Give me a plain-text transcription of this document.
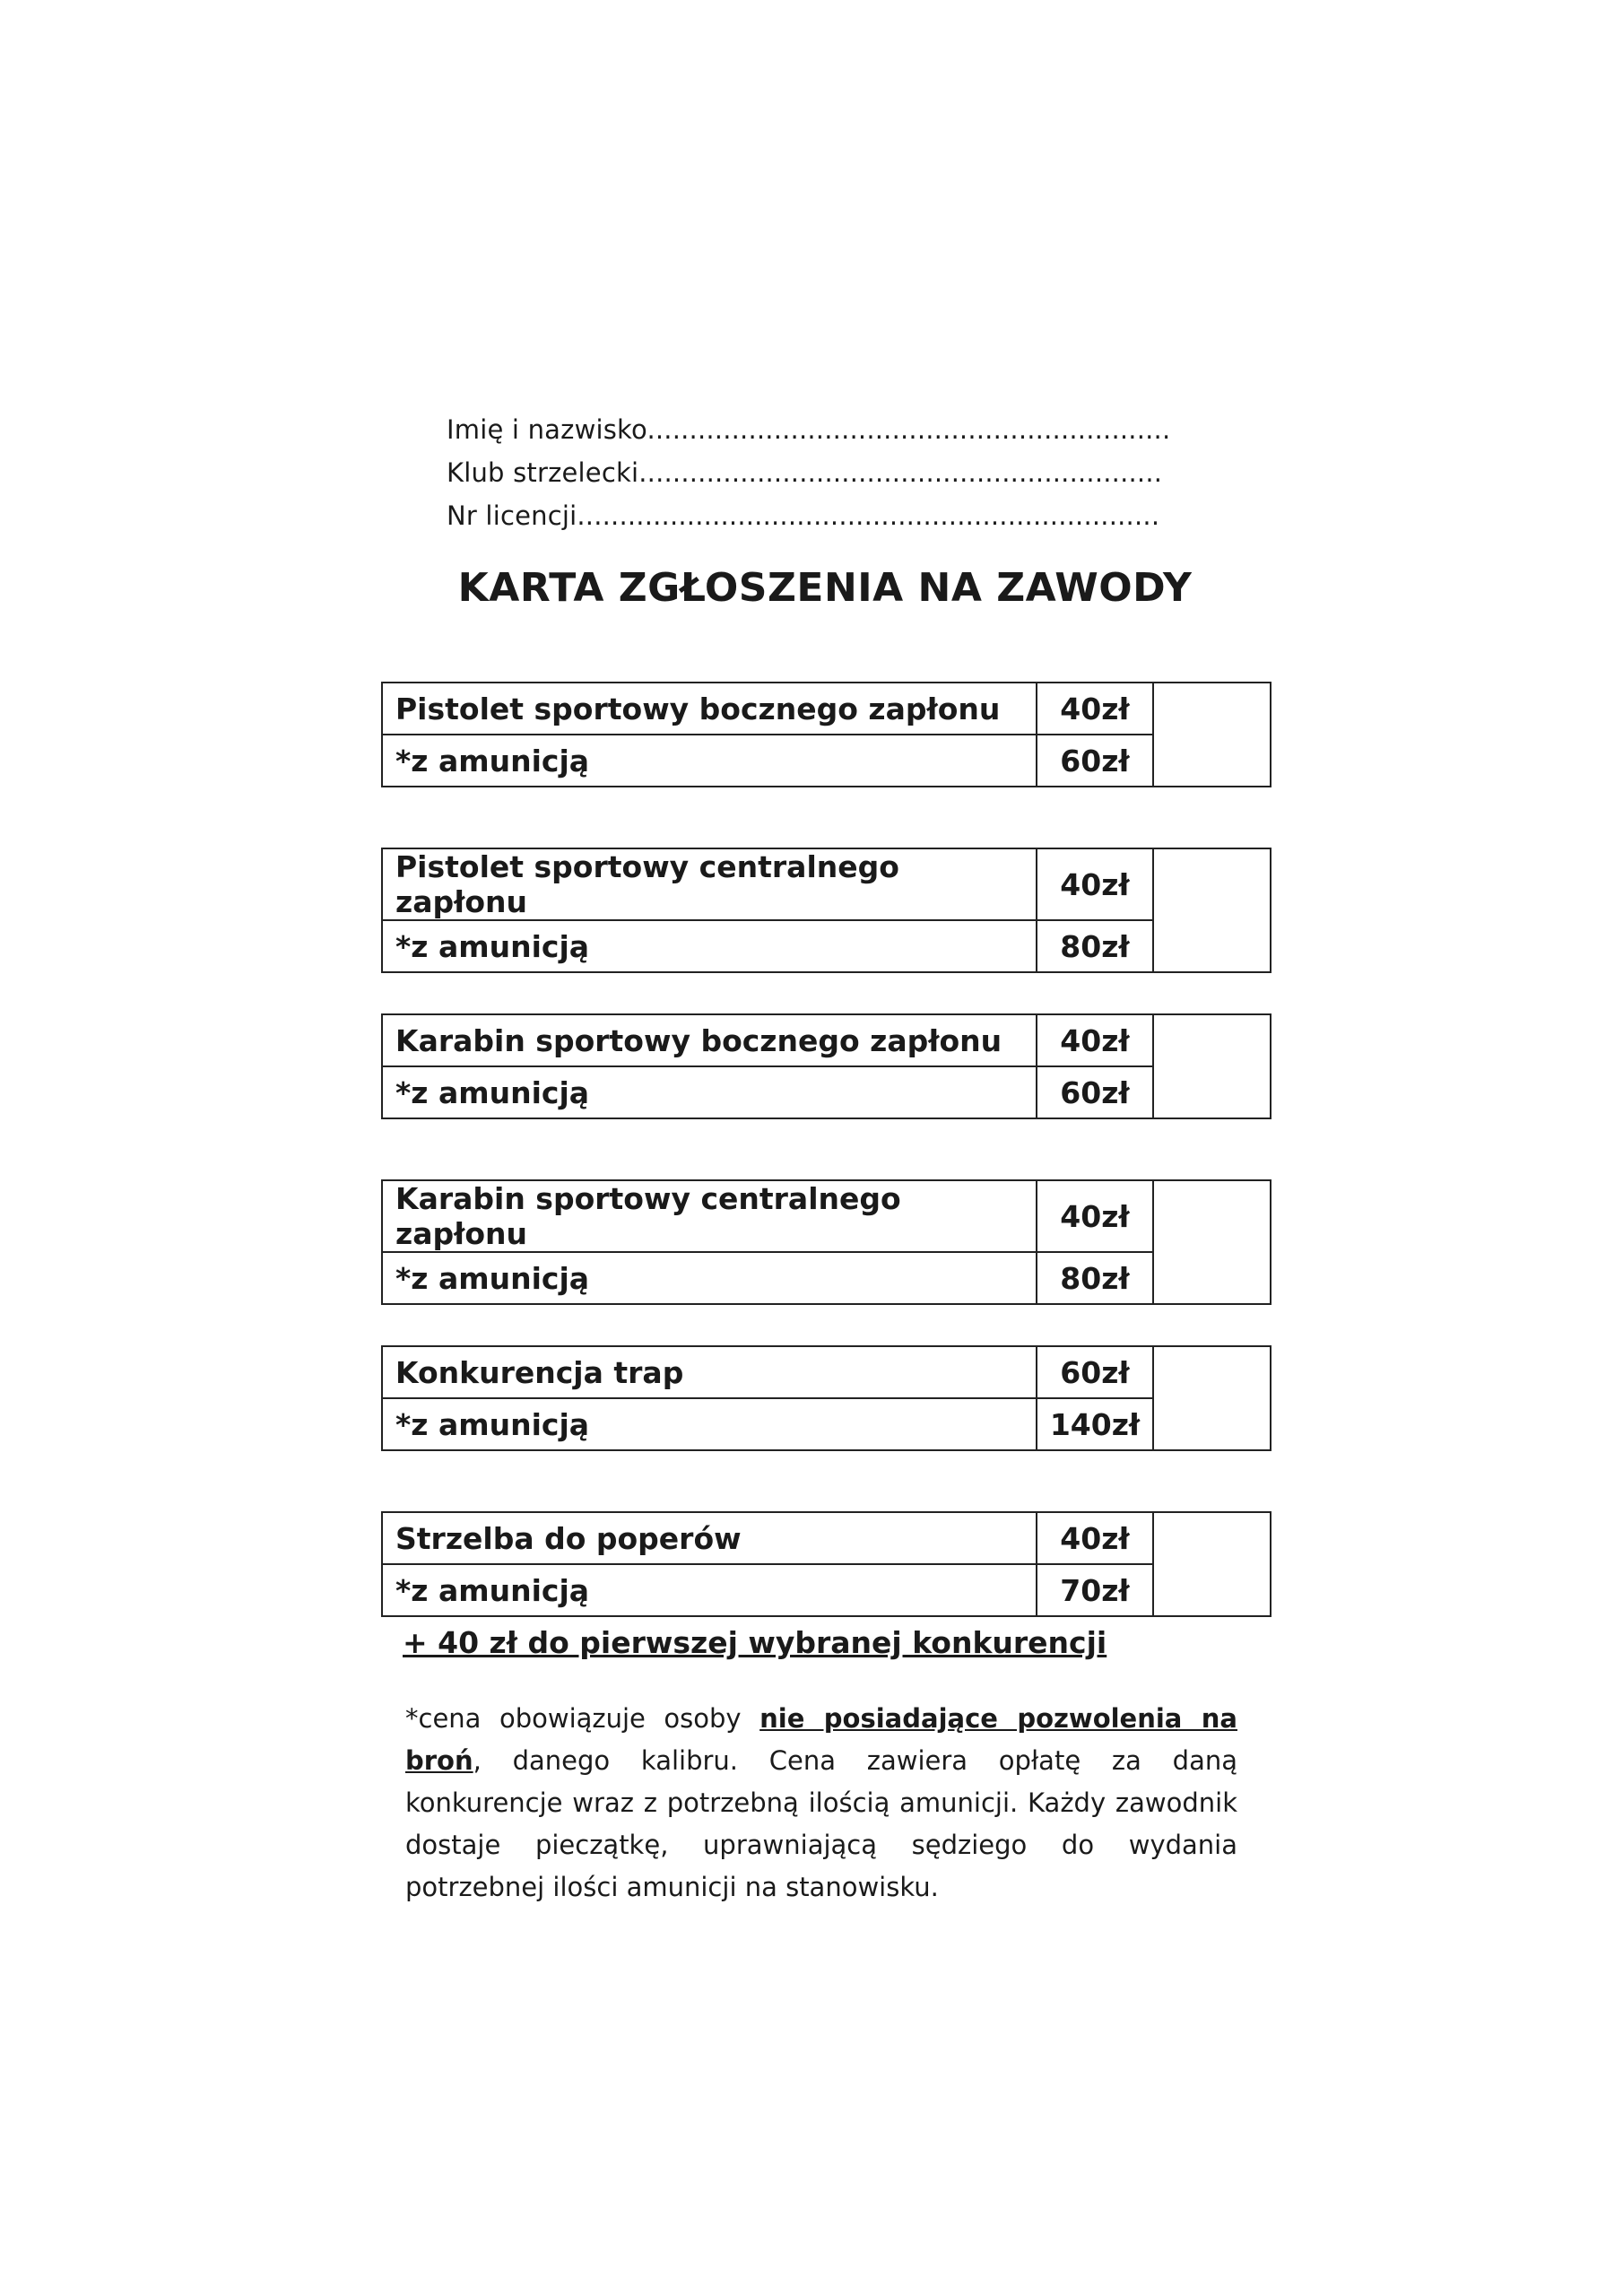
Imię i nazwisko..............................................................
Klub strzelecki..............................................................
Nr licencji.....................................................................
KARTA ZGŁOSZENIA NA ZAWODY
Pistolet sportowy bocznego zapłonu	40zł	
*z amunicją	60zł	
Pistolet sportowy centralnego zapłonu	40zł	
*z amunicją	80zł	
Karabin sportowy bocznego zapłonu	40zł	
*z amunicją	60zł	
Karabin sportowy centralnego zapłonu	40zł	
*z amunicją	80zł	
Konkurencja trap	60zł	
*z amunicją	140zł	
Strzelba do poperów	40zł	
*z amunicją	70zł	
+ 40 zł do pierwszej wybranej konkurencji
*cena obowiązuje osoby nie posiadające pozwolenia na broń, danego kalibru. Cena zawiera opłatę za daną konkurencje wraz z potrzebną ilością amunicji. Każdy zawodnik dostaje pieczątkę, uprawniającą sędziego do wydania potrzebnej ilości amunicji na stanowisku.
